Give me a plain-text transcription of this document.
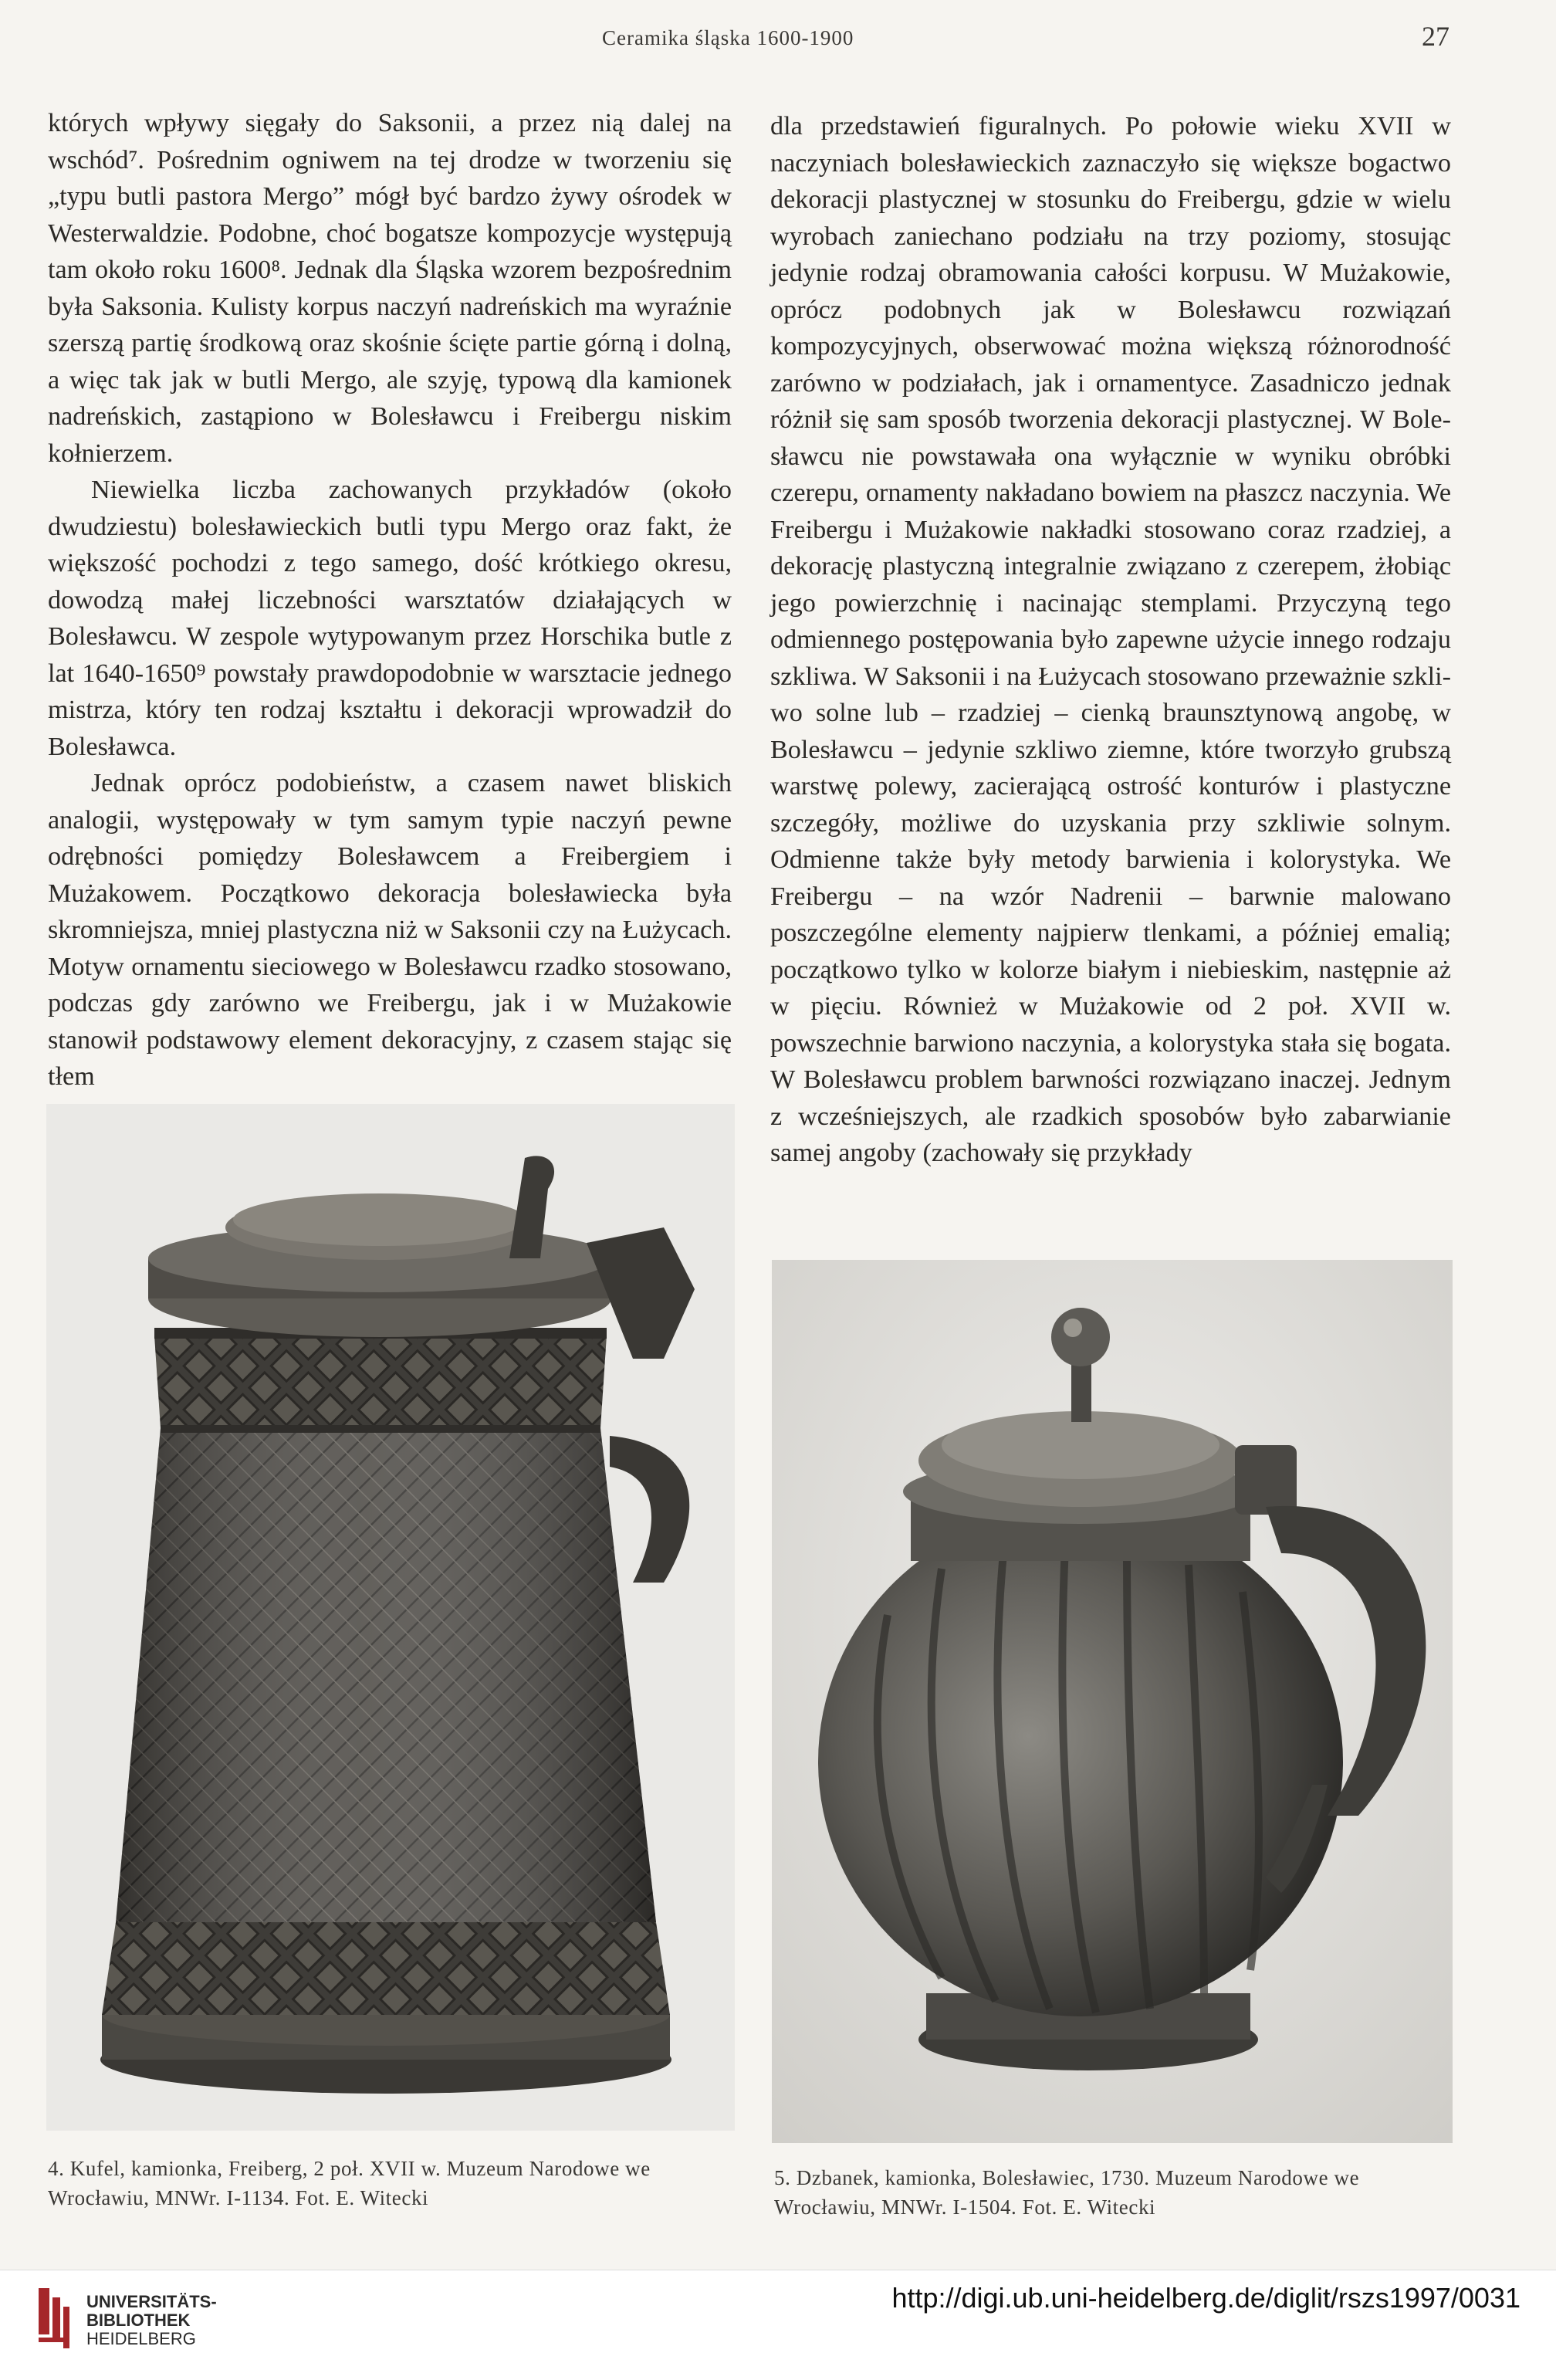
Ceramika śląska 1600-1900	27

których wpływy sięgały do Saksonii, a przez nią dalej na wschód⁷. Pośrednim ogniwem na tej drodze w tworzeniu się „typu butli pastora Mergo” mógł być bardzo żywy ośrodek w Westerwaldzie. Podobne, choć bogatsze kompozycje występują tam około roku 1600⁸. Jednak dla Śląska wzorem bezpośrednim była Saksonia. Kulisty korpus naczyń nadreńskich ma wyraźnie szerszą partię środkową oraz skośnie ścięte partie górną i dolną, a więc tak jak w butli Mergo, ale szyję, typową dla kamionek nadreńskich, zastąpiono w Bolesławcu i Freibergu niskim kołnierzem.

Niewielka liczba zachowanych przykładów (około dwudziestu) bolesławieckich butli typu Mergo oraz fakt, że większość pochodzi z tego samego, dość krótkiego okresu, dowodzą małej liczebności warsztatów działających w Bolesławcu. W zespole wytypowanym przez Horschika butle z lat 1640-1650⁹ powstały prawdopodobnie w warsztacie jednego mistrza, który ten rodzaj kształtu i dekoracji wprowadził do Bolesławca.

Jednak oprócz podobieństw, a czasem nawet bliskich analogii, występowały w tym samym typie naczyń pewne odrębności pomiędzy Bolesławcem a Freibergiem i Mużakowem. Początkowo dekoracja bolesławiecka była skromniejsza, mniej plastyczna niż w Saksonii czy na Łużycach. Motyw ornamentu sieciowego w Bolesławcu rzadko stosowano, podczas gdy zarówno we Freibergu, jak i w Mużakowie stanowił podstawowy element dekoracyjny, z czasem stając się tłem

dla przedstawień figuralnych. Po połowie wieku XVII w naczyniach bolesławieckich zaznaczyło się większe bogactwo dekoracji plastycznej w stosunku do Freibergu, gdzie w wielu wyrobach zaniechano podziału na trzy poziomy, stosując jedynie rodzaj obramowania całości korpusu. W Mużakowie, oprócz podobnych jak w Bolesławcu rozwiązań kompozycyjnych, obserwować można większą różnorodność zarówno w podziałach, jak i ornamentyce. Zasadniczo jednak różnił się sam sposób tworzenia dekoracji plastycznej. W Bolesławcu nie powstawała ona wyłącznie w wyniku obróbki czerepu, ornamenty nakładano bowiem na płaszcz naczynia. We Freibergu i Mużakowie nakładki stosowano coraz rzadziej, a dekorację plastyczną integralnie związano z czerepem, żłobiąc jego powierzchnię i nacinając stemplami. Przyczyną tego odmiennego postępowania było zapewne użycie innego rodzaju szkliwa. W Saksonii i na Łużycach stosowano przeważnie szkliwo solne lub – rzadziej – cienką braunsztynową angobę, w Bolesławcu – jedynie szkliwo ziemne, które tworzyło grubszą warstwę polewy, zacierającą ostrość konturów i plastyczne szczegóły, możliwe do uzyskania przy szkliwie solnym. Odmienne także były metody barwienia i kolorystyka. We Freibergu – na wzór Nadrenii – barwnie malowano poszczególne elementy najpierw tlenkami, a później emalią; początkowo tylko w kolorze białym i niebieskim, następnie aż w pięciu. Również w Mużakowie od 2 poł. XVII w. powszechnie barwiono naczynia, a kolorystyka stała się bogata. W Bolesławcu problem barwności rozwiązano inaczej. Jednym z wcześniejszych, ale rzadkich sposobów było zabarwianie samej angoby (zachowały się przykłady

4. Kufel, kamionka, Freiberg, 2 poł. XVII w. Muzeum Narodowe we Wrocławiu, MNWr. I-1134. Fot. E. Witecki
5. Dzbanek, kamionka, Bolesławiec, 1730. Muzeum Narodowe we Wrocławiu, MNWr. I-1504. Fot. E. Witecki
UNIVERSITÄTS-
BIBLIOTHEK
HEIDELBERG
http://digi.ub.uni-heidelberg.de/diglit/rszs1997/0031
